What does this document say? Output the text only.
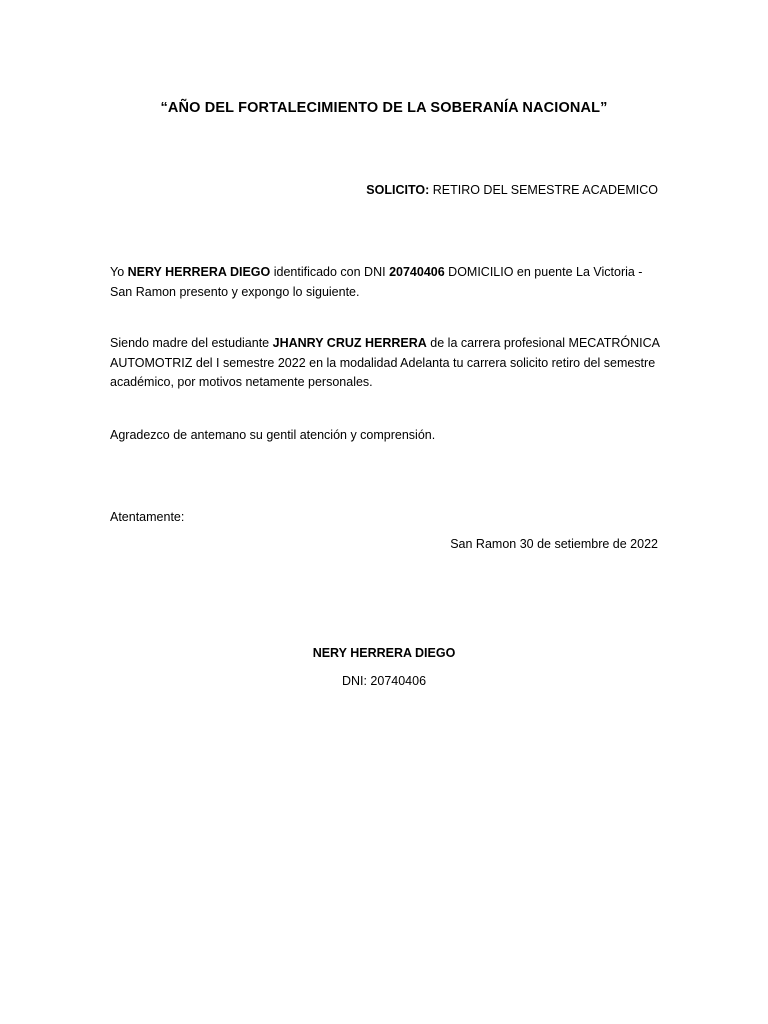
“AÑO DEL FORTALECIMIENTO DE LA SOBERANÍA NACIONAL”
SOLICITO: RETIRO DEL SEMESTRE ACADEMICO

Yo NERY HERRERA DIEGO identificado con DNI 20740406 DOMICILIO en puente La Victoria - San Ramon presento y expongo lo siguiente.

Siendo madre del estudiante JHANRY CRUZ HERRERA de la carrera profesional MECATRÓNICA AUTOMOTRIZ del I semestre 2022 en la modalidad Adelanta tu carrera solicito retiro del semestre académico, por motivos netamente personales.

Agradezco de antemano su gentil atención y comprensión.

Atentamente:

San Ramon 30 de setiembre de 2022

NERY HERRERA DIEGO

DNI: 20740406
